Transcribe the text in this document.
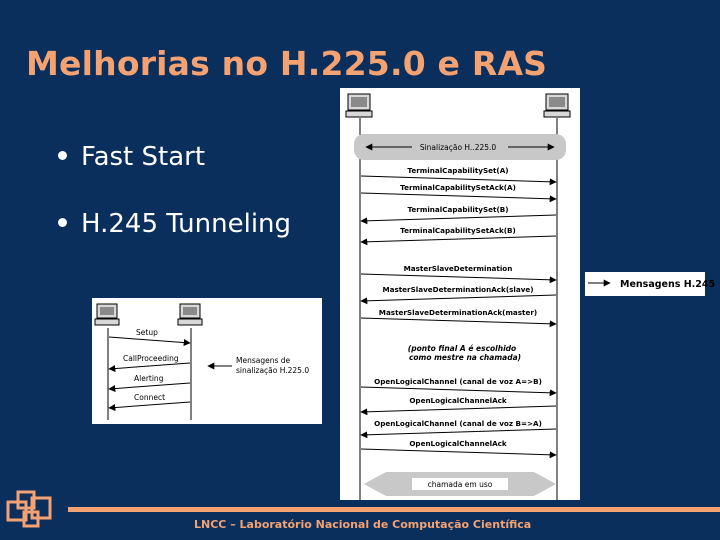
Melhorias no H.225.0 e RAS
Fast Start
H.245 Tunneling
Sinalização H..225.0
TerminalCapabilitySet(A)
TerminalCapabilitySetAck(A)
TerminalCapabilitySet(B)
TerminalCapabilitySetAck(B)
MasterSlaveDetermination
MasterSlaveDeterminationAck(slave)
MasterSlaveDeterminationAck(master)
OpenLogicalChannel (canal de voz A=>B)
OpenLogicalChannelAck
OpenLogicalChannel (canal de voz B=>A)
OpenLogicalChannelAck
(ponto final A é escolhido
como mestre na chamada)
chamada em uso
Mensagens H.245
Setup
CallProceeding
Alerting
Connect
Mensagens de
sinalização H.225.0
LNCC – Laboratório Nacional de Computação Científica
